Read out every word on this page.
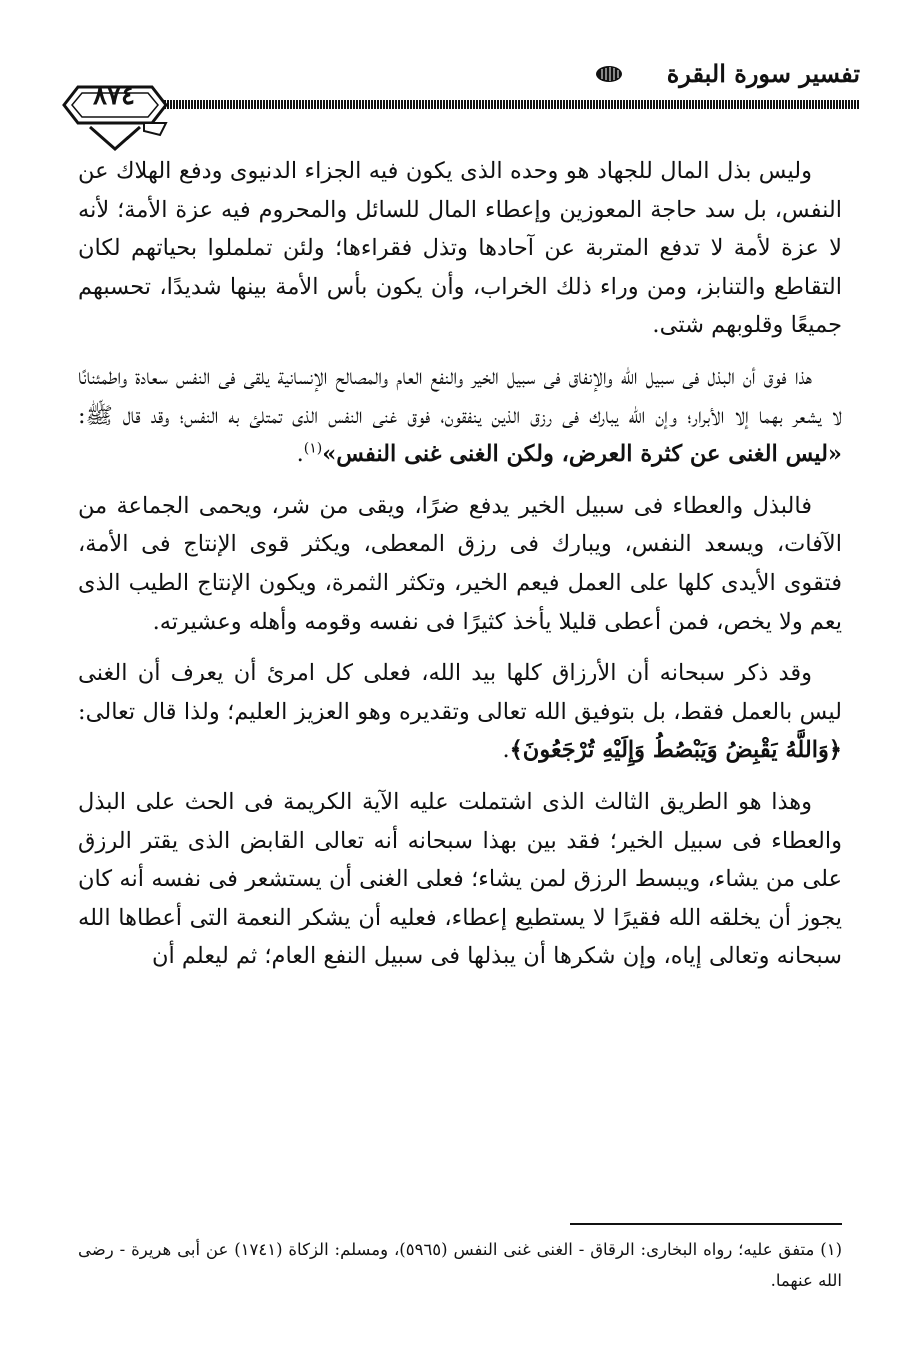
تفسير سورة البقرة
٨٧٤

وليس بذل المال للجهاد هو وحده الذى يكون فيه الجزاء الدنيوى ودفع الهلاك عن النفس، بل سد حاجة المعوزين وإعطاء المال للسائل والمحروم فيه عزة الأمة؛ لأنه لا عزة لأمة لا تدفع المتربة عن آحادها وتذل فقراءها؛ ولئن تململوا بحياتهم لكان التقاطع والتنابز، ومن وراء ذلك الخراب، وأن يكون بأس الأمة بينها شديدًا، تحسبهم جميعًا وقلوبهم شتى.

هذا فوق أن البذل فى سبيل الله والإنفاق فى سبيل الخير والنفع العام والمصالح الإنسانية يلقى فى النفس سعادة واطمئنانًا لا يشعر بهما إلا الأبرار؛ وإن الله يبارك فى رزق الذين ينفقون، فوق غنى النفس الذى تمتلئ به النفس؛ وقد قال ﷺ: «ليس الغنى عن كثرة العرض، ولكن الغنى غنى النفس»$^{(١)}$.

فالبذل والعطاء فى سبيل الخير يدفع ضرًا، ويقى من شر، ويحمى الجماعة من الآفات، ويسعد النفس، ويبارك فى رزق المعطى، ويكثر قوى الإنتاج فى الأمة، فتقوى الأيدى كلها على العمل فيعم الخير، وتكثر الثمرة، ويكون الإنتاج الطيب الذى يعم ولا يخص، فمن أعطى قليلا يأخذ كثيرًا فى نفسه وقومه وأهله وعشيرته.

وقد ذكر سبحانه أن الأرزاق كلها بيد الله، فعلى كل امرئ أن يعرف أن الغنى ليس بالعمل فقط، بل بتوفيق الله تعالى وتقديره وهو العزيز العليم؛ ولذا قال تعالى: ﴿وَاللَّهُ يَقْبِضُ وَيَبْصُطُ وَإِلَيْهِ تُرْجَعُونَ﴾.

وهذا هو الطريق الثالث الذى اشتملت عليه الآية الكريمة فى الحث على البذل والعطاء فى سبيل الخير؛ فقد بين بهذا سبحانه أنه تعالى القابض الذى يقتر الرزق على من يشاء، ويبسط الرزق لمن يشاء؛ فعلى الغنى أن يستشعر فى نفسه أنه كان يجوز أن يخلقه الله فقيرًا لا يستطيع إعطاء، فعليه أن يشكر النعمة التى أعطاها الله سبحانه وتعالى إياه، وإن شكرها أن يبذلها فى سبيل النفع العام؛ ثم ليعلم أن

(١) متفق عليه؛ رواه البخارى: الرقاق - الغنى غنى النفس (٥٩٦٥)، ومسلم: الزكاة (١٧٤١) عن أبى هريرة - رضى الله عنهما.
